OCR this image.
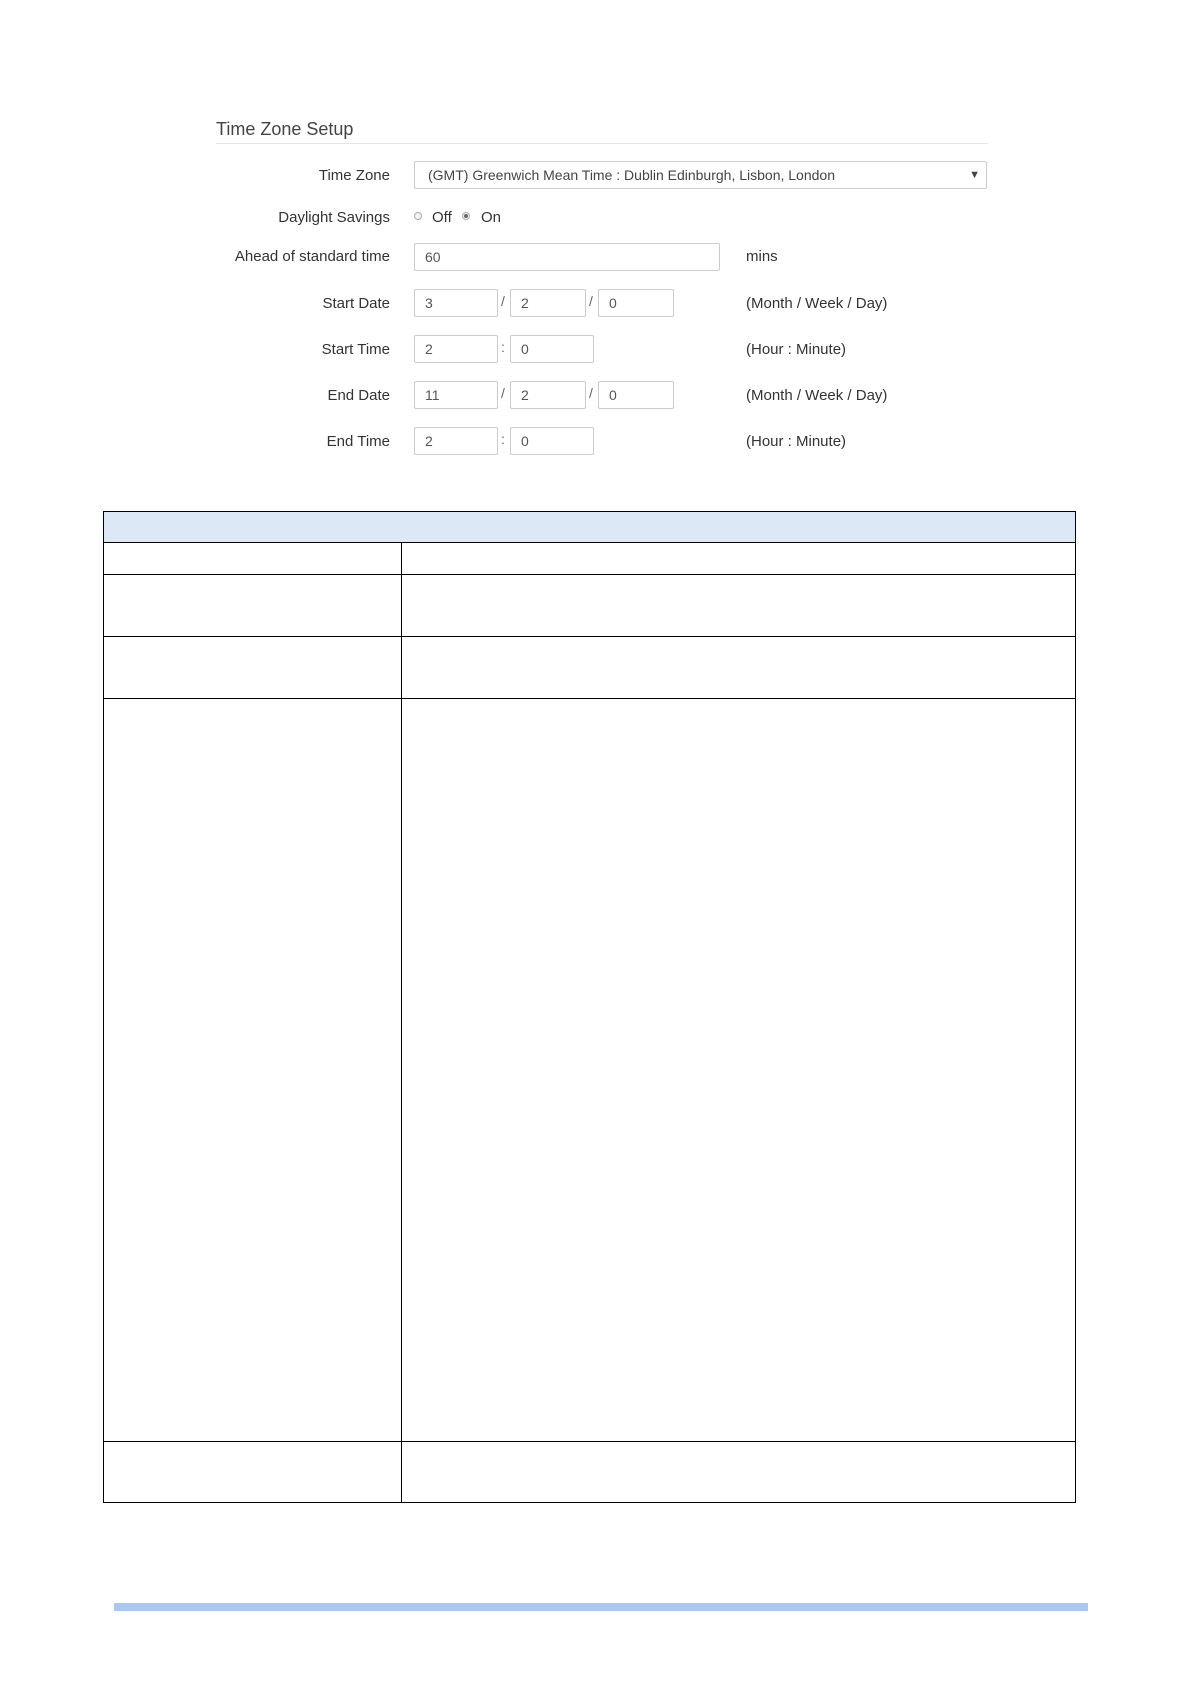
Time Zone Setup
Time Zone	(GMT) Greenwich Mean Time : Dublin Edinburgh, Lisbon, London	▼
Daylight Savings	Off On
Ahead of standard time	60	mins
Start Date	3	/	2	/	0	(Month / Week / Day)
Start Time	2	:	0	(Hour : Minute)
End Date	11	/	2	/	0	(Month / Week / Day)
End Time	2	:	0	(Hour : Minute)
